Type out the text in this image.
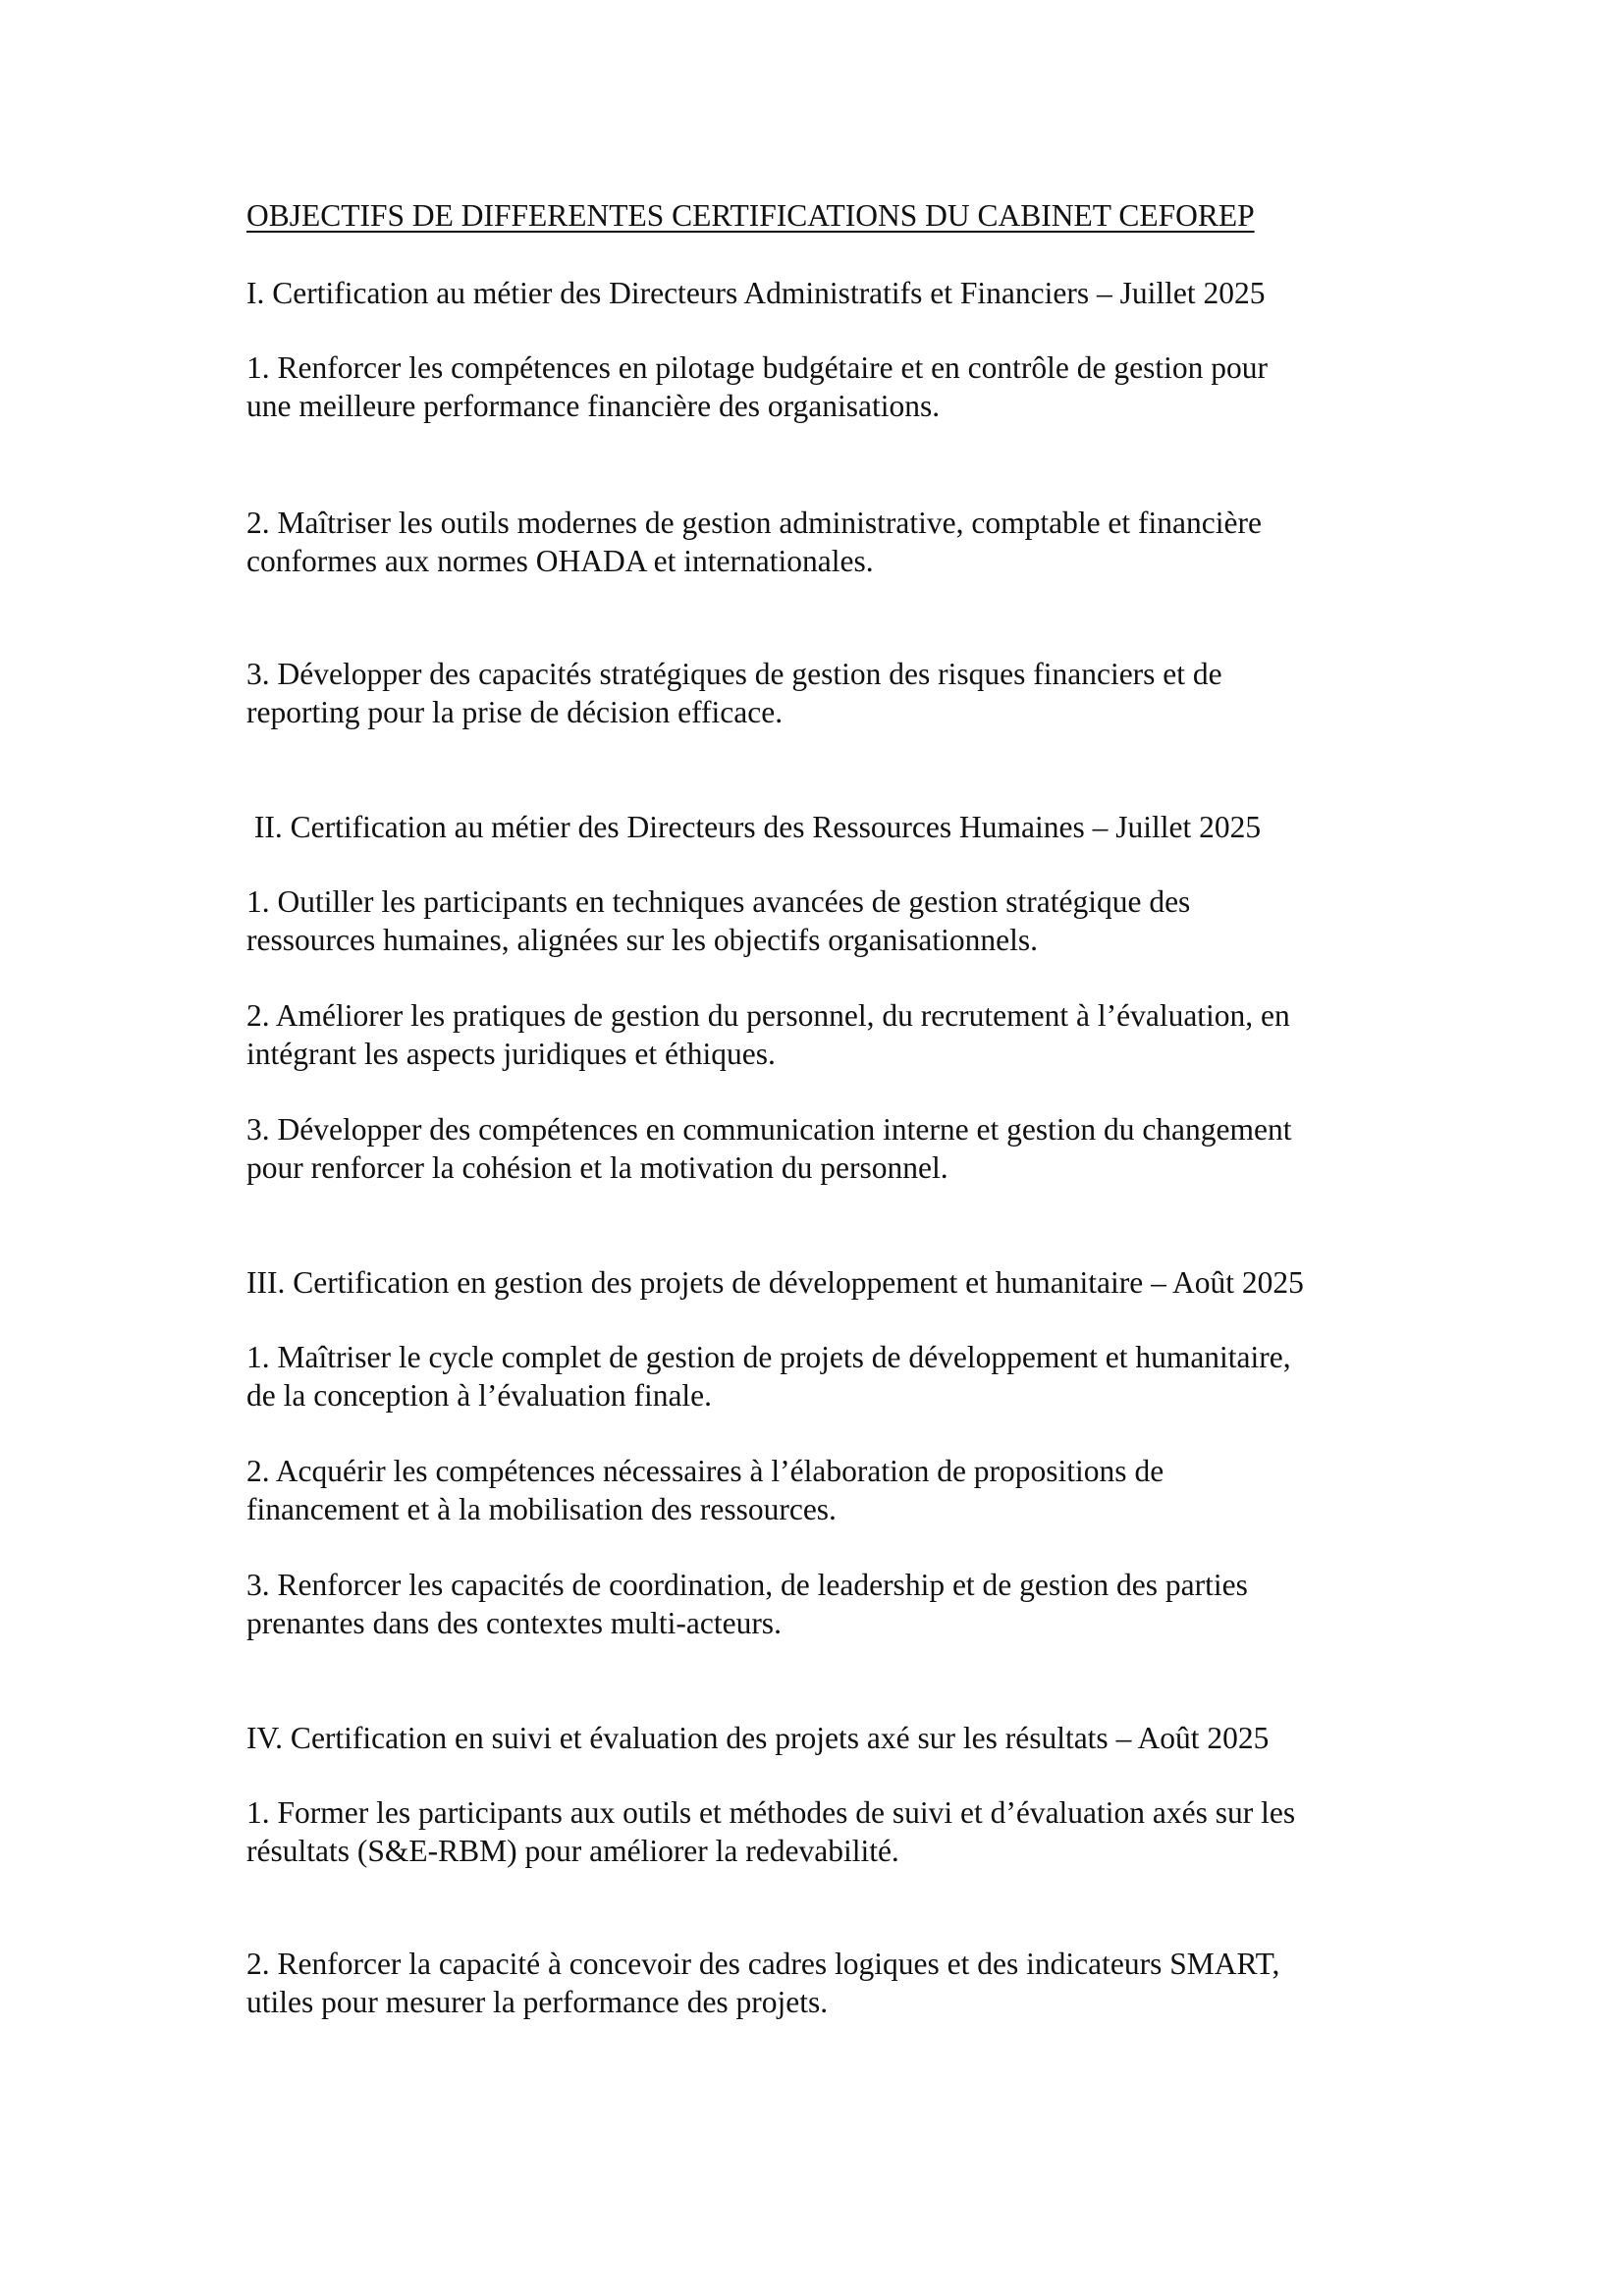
OBJECTIFS DE DIFFERENTES CERTIFICATIONS DU CABINET CEFOREP
I. Certification au métier des Directeurs Administratifs et Financiers – Juillet 2025
1. Renforcer les compétences en pilotage budgétaire et en contrôle de gestion pour
une meilleure performance financière des organisations.
2. Maîtriser les outils modernes de gestion administrative, comptable et financière
conformes aux normes OHADA et internationales.
3. Développer des capacités stratégiques de gestion des risques financiers et de
reporting pour la prise de décision efficace.
II. Certification au métier des Directeurs des Ressources Humaines – Juillet 2025
1. Outiller les participants en techniques avancées de gestion stratégique des
ressources humaines, alignées sur les objectifs organisationnels.
2. Améliorer les pratiques de gestion du personnel, du recrutement à l’évaluation, en
intégrant les aspects juridiques et éthiques.
3. Développer des compétences en communication interne et gestion du changement
pour renforcer la cohésion et la motivation du personnel.
III. Certification en gestion des projets de développement et humanitaire – Août 2025
1. Maîtriser le cycle complet de gestion de projets de développement et humanitaire,
de la conception à l’évaluation finale.
2. Acquérir les compétences nécessaires à l’élaboration de propositions de
financement et à la mobilisation des ressources.
3. Renforcer les capacités de coordination, de leadership et de gestion des parties
prenantes dans des contextes multi-acteurs.
IV. Certification en suivi et évaluation des projets axé sur les résultats – Août 2025
1. Former les participants aux outils et méthodes de suivi et d’évaluation axés sur les
résultats (S&E-RBM) pour améliorer la redevabilité.
2. Renforcer la capacité à concevoir des cadres logiques et des indicateurs SMART,
utiles pour mesurer la performance des projets.
